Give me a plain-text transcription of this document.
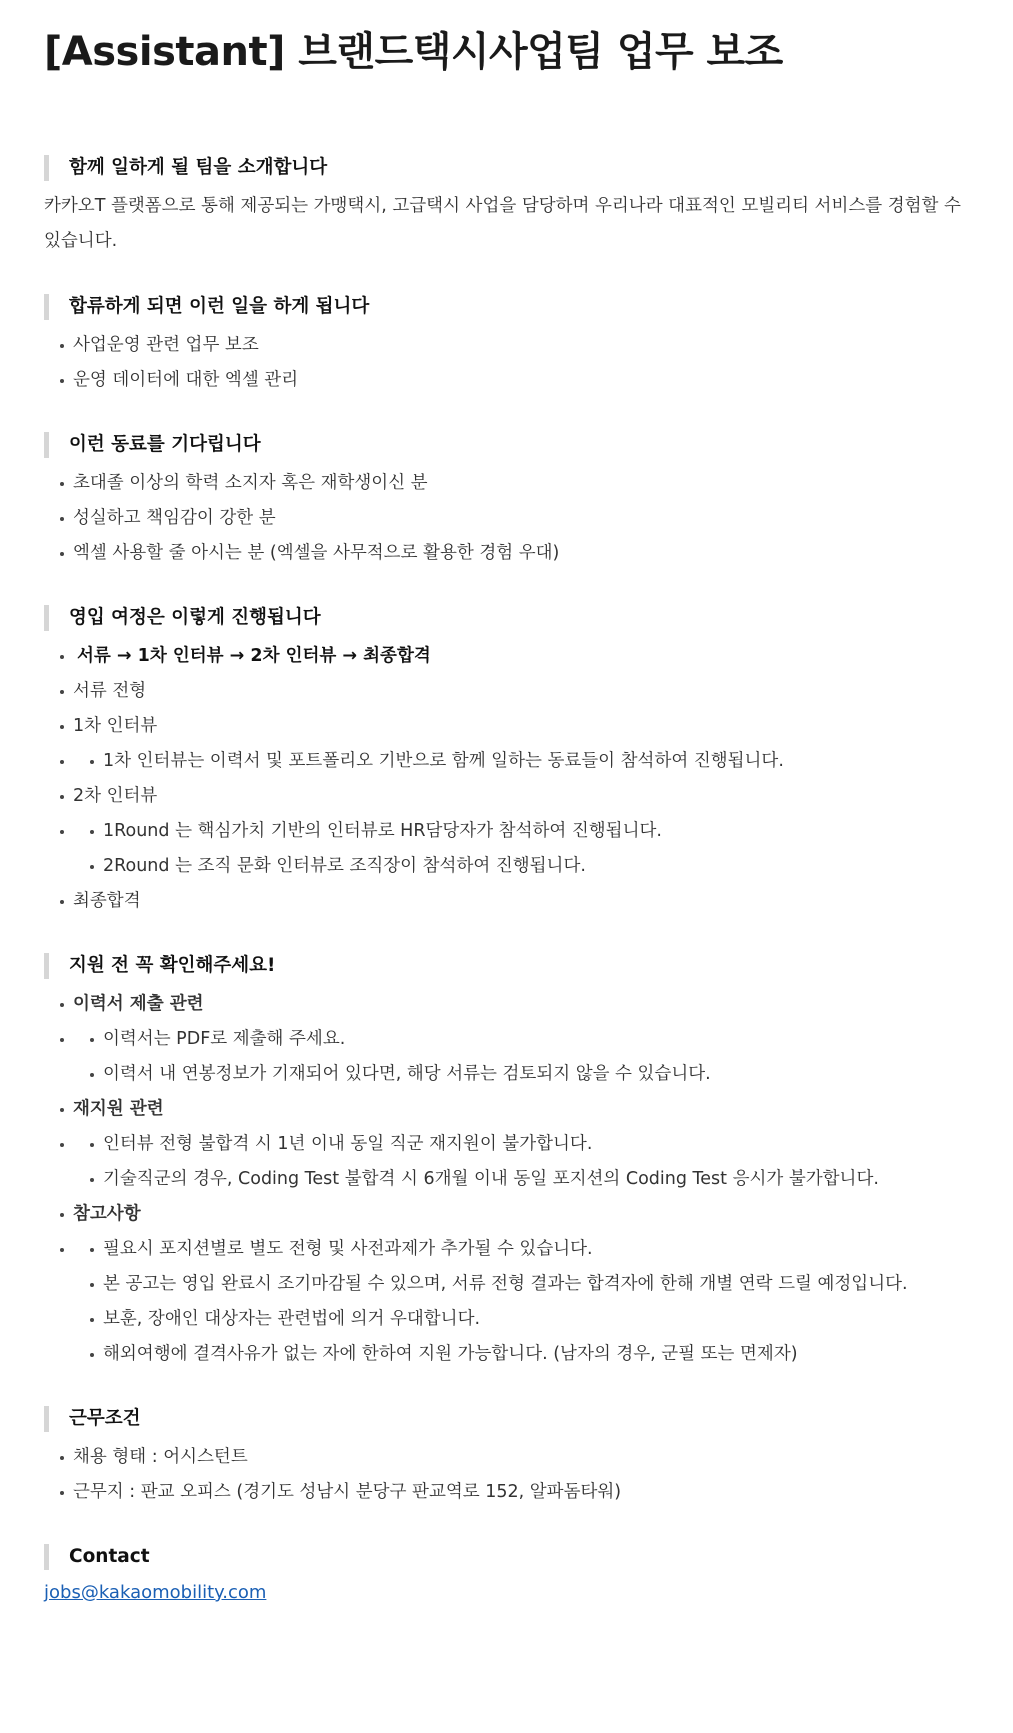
[Assistant] 브랜드택시사업팀 업무 보조
함께 일하게 될 팀을 소개합니다

카카오T 플랫폼으로 통해 제공되는 가맹택시, 고급택시 사업을 담당하며 우리나라 대표적인 모빌리티 서비스를 경험할 수 있습니다.

합류하게 되면 이런 일을 하게 됩니다
사업운영 관련 업무 보조
운영 데이터에 대한 엑셀 관리
이런 동료를 기다립니다
초대졸 이상의 학력 소지자 혹은 재학생이신 분
성실하고 책임감이 강한 분
엑셀 사용할 줄 아시는 분 (엑셀을 사무적으로 활용한 경험 우대)
영입 여정은 이렇게 진행됩니다
서류 → 1차 인터뷰 → 2차 인터뷰 → 최종합격
서류 전형
1차 인터뷰
1차 인터뷰는 이력서 및 포트폴리오 기반으로 함께 일하는 동료들이 참석하여 진행됩니다.
2차 인터뷰
1Round 는 핵심가치 기반의 인터뷰로 HR담당자가 참석하여 진행됩니다.
2Round 는 조직 문화 인터뷰로 조직장이 참석하여 진행됩니다.
최종합격
지원 전 꼭 확인해주세요!
이력서 제출 관련
이력서는 PDF로 제출해 주세요.
이력서 내 연봉정보가 기재되어 있다면, 해당 서류는 검토되지 않을 수 있습니다.
재지원 관련
인터뷰 전형 불합격 시 1년 이내 동일 직군 재지원이 불가합니다.
기술직군의 경우, Coding Test 불합격 시 6개월 이내 동일 포지션의 Coding Test 응시가 불가합니다.
참고사항
필요시 포지션별로 별도 전형 및 사전과제가 추가될 수 있습니다.
본 공고는 영입 완료시 조기마감될 수 있으며, 서류 전형 결과는 합격자에 한해 개별 연락 드릴 예정입니다.
보훈, 장애인 대상자는 관련법에 의거 우대합니다.
해외여행에 결격사유가 없는 자에 한하여 지원 가능합니다. (남자의 경우, 군필 또는 면제자)
근무조건
채용 형태 : 어시스턴트
근무지 : 판교 오피스 (경기도 성남시 분당구 판교역로 152, 알파돔타워)
Contact
jobs@kakaomobility.com
